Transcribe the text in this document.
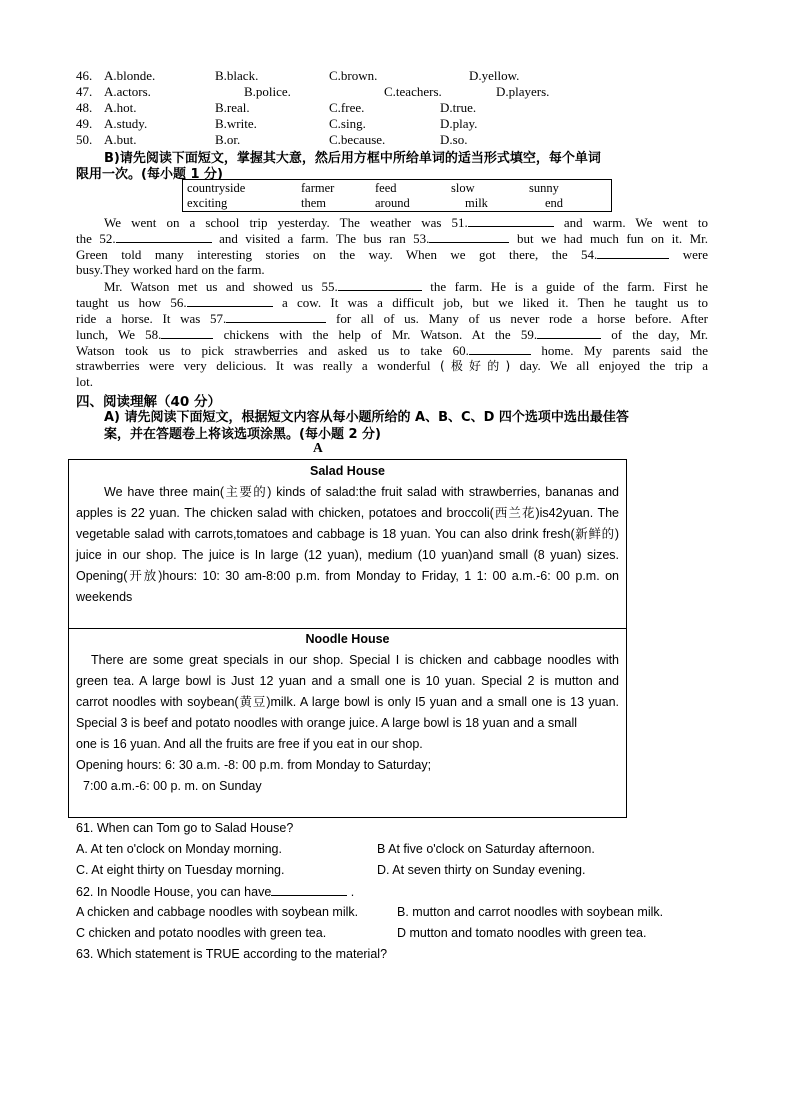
46. A.blonde.	B.black.	C.brown.	D.yellow.
47. A.actors.	B.police.	C.teachers.	D.players.
48. A.hot.	B.real.	C.free.	D.true.
49. A.study.	B.write.	C.sing.	D.play.
50. A.but.	B.or.	C.because.	D.so.
B)请先阅读下面短文，掌握其大意，然后用方框中所给单词的适当形式填空，每个单词
限用一次。(每小题 1 分)
countryside	farmer	feed	slow	sunny
exciting	them	around	milk	end
We went on a school trip yesterday. The weather was 51.	and warm. We went to
the 52.	and visited a farm. The bus ran 53.	but we had much fun on it. Mr.
Green told many interesting stories on the way. When we got there, the 54.	were
busy.They worked hard on the farm.
Mr. Watson met us and showed us 55.	the farm. He is a guide of the farm. First he
taught us how 56.	a cow. It was a difficult job, but we liked it. Then he taught us to
ride a horse. It was 57.	for all of us. Many of us never rode a horse before. After
lunch, We 58.	chickens with the help of Mr. Watson. At the 59.	of the day, Mr.
Watson took us to pick strawberries and asked us to take 60.	home. My parents said the
strawberries were very delicious. It was really a wonderful (极好的) day. We all enjoyed the trip a
lot.
四、阅读理解（40 分）
A) 请先阅读下面短文，根据短文内容从每小题所给的 A、B、C、D 四个选项中选出最佳答
案，并在答题卷上将该选项涂黑。(每小题 2 分)
A
Salad House
We have three main(主要的) kinds of salad:the fruit salad with strawberries, bananas and
apples is 22 yuan. The chicken salad with chicken, potatoes and broccoli(西兰花)is42yuan. The
vegetable salad with carrots,tomatoes and cabbage is 18 yuan. You can also drink fresh(新鲜的)
juice in our shop. The juice is In large (12 yuan), medium (10 yuan)and small (8 yuan) sizes.
Opening(开放)hours: 10: 30 am-8:00 p.m. from Monday to Friday, 1 1: 00 a.m.-6: 00 p.m. on
weekends
Noodle House
There are some great specials in our shop. Special I is chicken and cabbage noodles with
green tea. A large bowl is Just 12 yuan and a small one is 10 yuan. Special 2 is mutton and
carrot noodles with soybean(黄豆)milk. A large bowl is only I5 yuan and a small one is 13 yuan.
Special 3 is beef and potato noodles with orange juice. A large bowl is 18 yuan and a small
one is 16 yuan. And all the fruits are free if you eat in our shop.
Opening hours: 6: 30 a.m. -8: 00 p.m. from Monday to Saturday;
7:00 a.m.-6: 00 p. m. on Sunday
61. When can Tom go to Salad House?
A. At ten o'clock on Monday morning.	B At five o'clock on Saturday afternoon.
C. At eight thirty on Tuesday morning.	D. At seven thirty on Sunday evening.
62. In Noodle House, you can have	.
A chicken and cabbage noodles with soybean milk.	B. mutton and carrot noodles with soybean milk.
C chicken and potato noodles with green tea.	D mutton and tomato noodles with green tea.
63. Which statement is TRUE according to the material?
